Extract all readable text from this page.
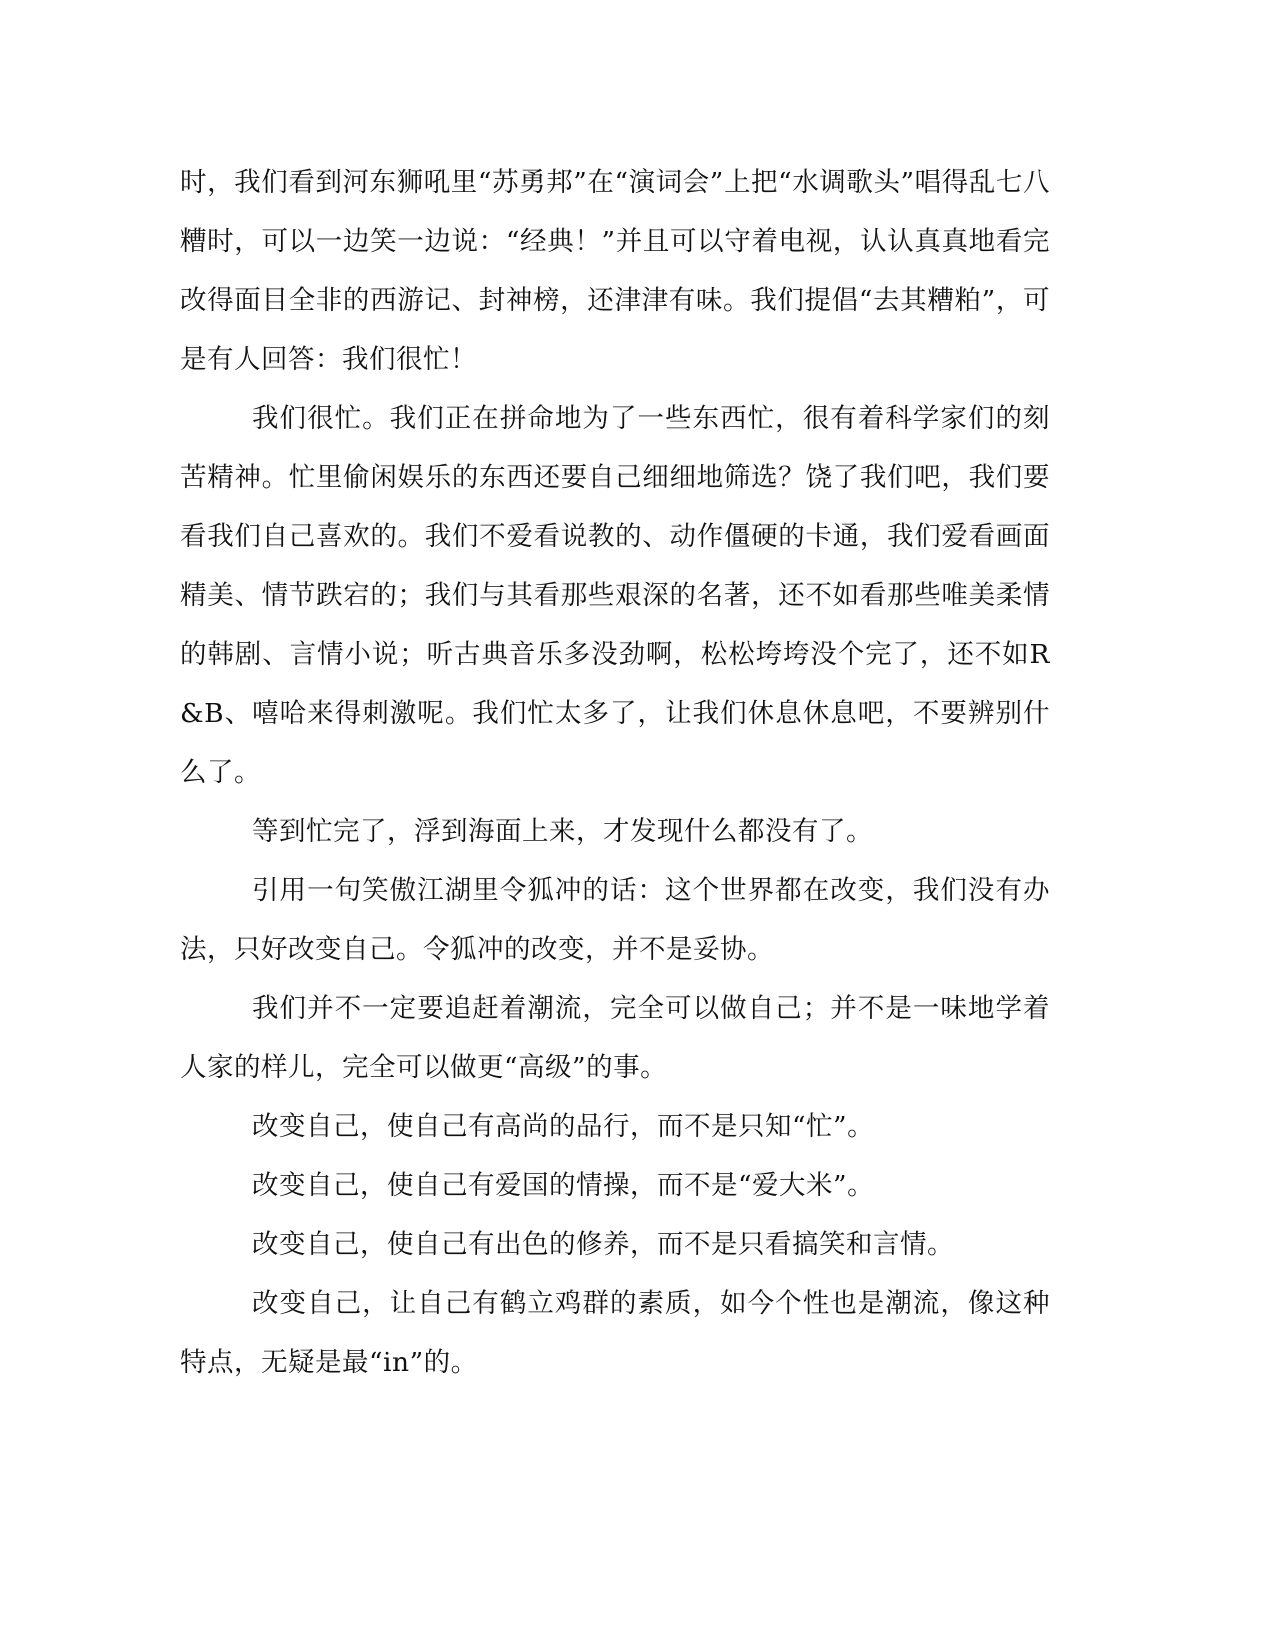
时，我们看到河东狮吼里“苏勇邦”在“演词会”上把“水调歌头”唱得乱七八糟时，可以一边笑一边说：“经典！”并且可以守着电视，认认真真地看完改得面目全非的西游记、封神榜，还津津有味。我们提倡“去其糟粕”，可是有人回答：我们很忙！

我们很忙。我们正在拼命地为了一些东西忙，很有着科学家们的刻苦精神。忙里偷闲娱乐的东西还要自己细细地筛选？饶了我们吧，我们要看我们自己喜欢的。我们不爱看说教的、动作僵硬的卡通，我们爱看画面精美、情节跌宕的；我们与其看那些艰深的名著，还不如看那些唯美柔情的韩剧、言情小说；听古典音乐多没劲啊，松松垮垮没个完了，还不如R&B、嘻哈来得刺激呢。我们忙太多了，让我们休息休息吧，不要辨别什么了。

等到忙完了，浮到海面上来，才发现什么都没有了。

引用一句笑傲江湖里令狐冲的话：这个世界都在改变，我们没有办法，只好改变自己。令狐冲的改变，并不是妥协。

我们并不一定要追赶着潮流，完全可以做自己；并不是一味地学着人家的样儿，完全可以做更“高级”的事。

改变自己，使自己有高尚的品行，而不是只知“忙”。

改变自己，使自己有爱国的情操，而不是“爱大米”。

改变自己，使自己有出色的修养，而不是只看搞笑和言情。

改变自己，让自己有鹤立鸡群的素质，如今个性也是潮流，像这种特点，无疑是最“in”的。
